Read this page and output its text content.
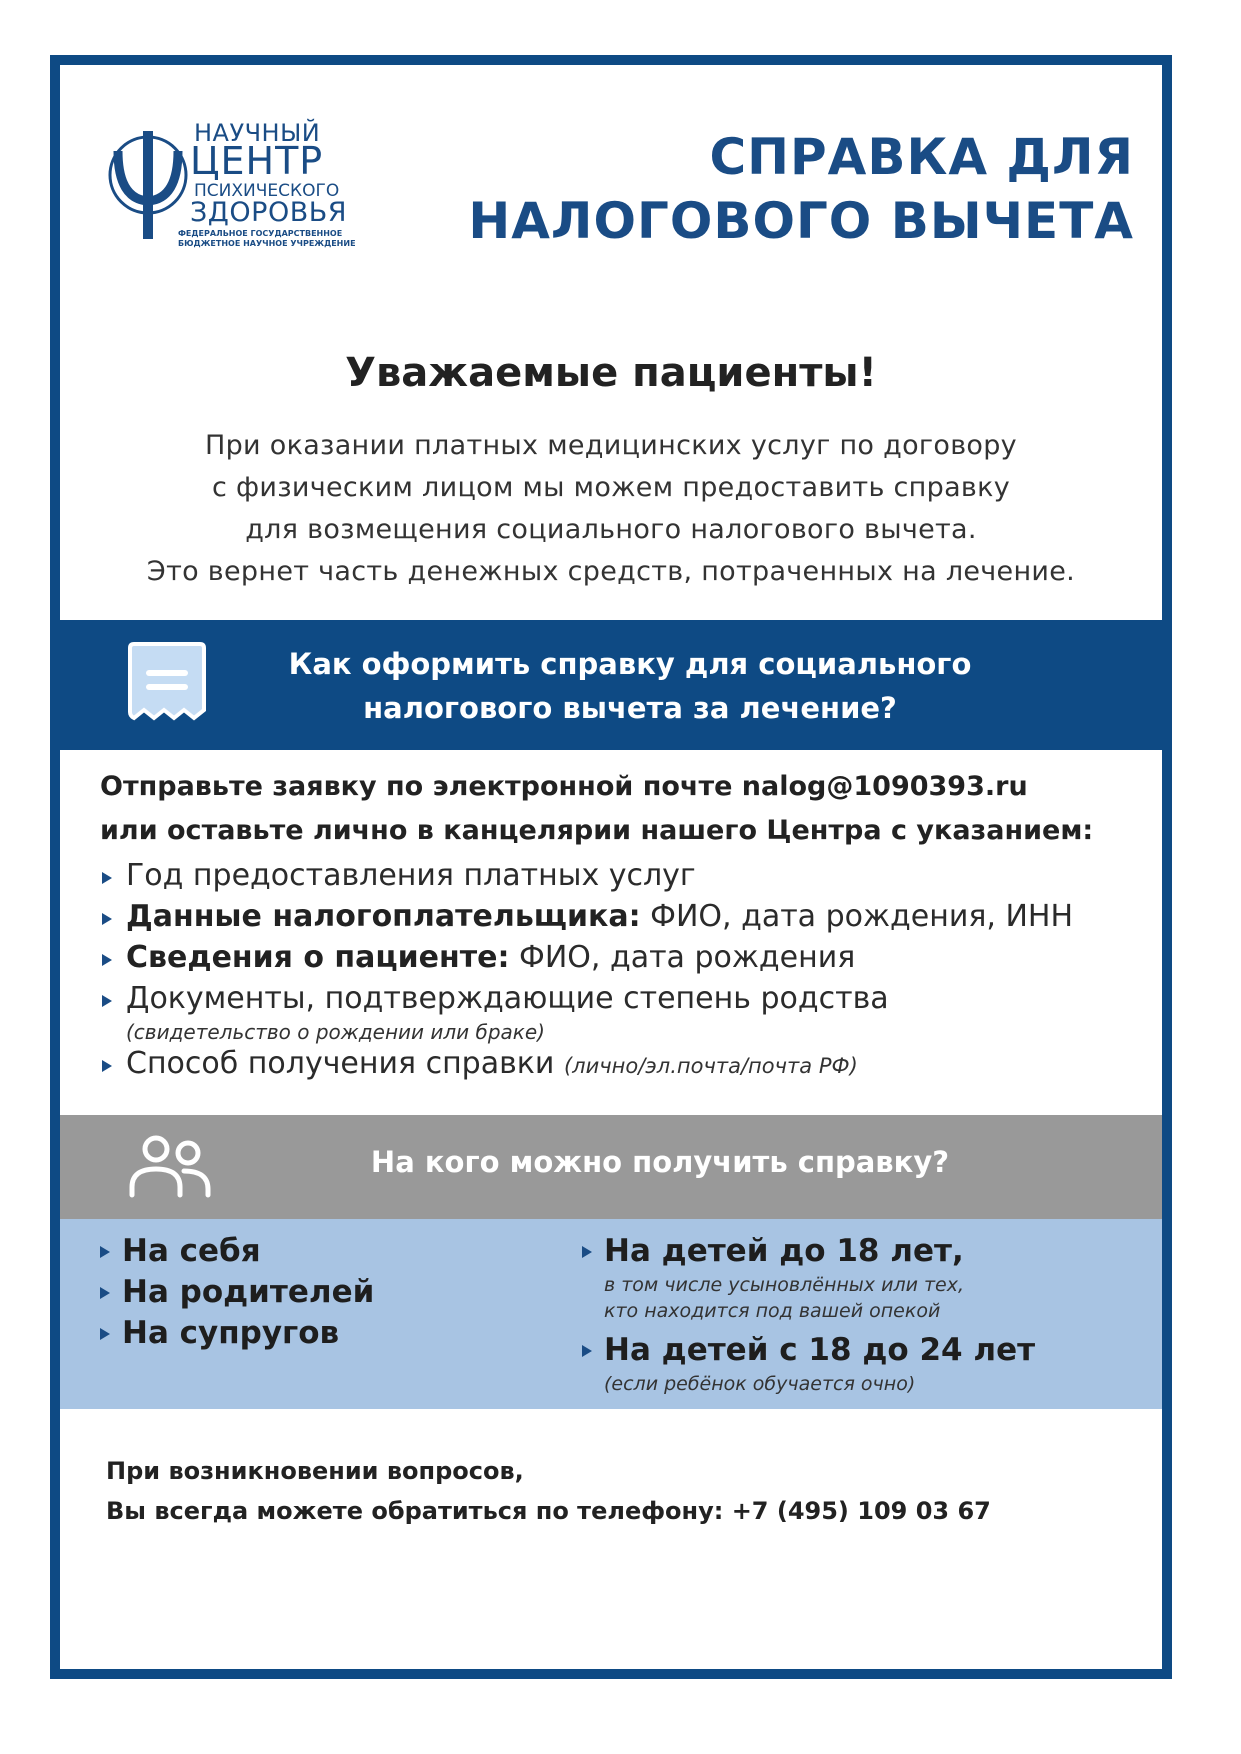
НАУЧНЫЙ
ЦЕНТР
ПСИХИЧЕСКОГО
ЗДОРОВЬЯ
ФЕДЕРАЛЬНОЕ ГОСУДАРСТВЕННОЕ
БЮДЖЕТНОЕ НАУЧНОЕ УЧРЕЖДЕНИЕ
СПРАВКА ДЛЯ
НАЛОГОВОГО ВЫЧЕТА
Уважаемые пациенты!
При оказании платных медицинских услуг по договору
с физическим лицом мы можем предоставить справку
для возмещения социального налогового вычета.
Это вернет часть денежных средств, потраченных на лечение.
Как оформить справку для социального
налогового вычета за лечение?
Отправьте заявку по электронной почте nalog@1090393.ru
или оставьте лично в канцелярии нашего Центра с указанием:
Год предоставления платных услуг
Данные налогоплательщика: ФИО, дата рождения, ИНН
Сведения о пациенте: ФИО, дата рождения
Документы, подтверждающие степень родства
(свидетельство о рождении или браке)
Способ получения справки (лично/эл.почта/почта РФ)
На кого можно получить справку?
На себя
На родителей
На супругов
На детей до 18 лет,
в том числе усыновлённых или тех,
кто находится под вашей опекой
На детей с 18 до 24 лет
(если ребёнок обучается очно)
При возникновении вопросов,
Вы всегда можете обратиться по телефону: +7 (495) 109 03 67
